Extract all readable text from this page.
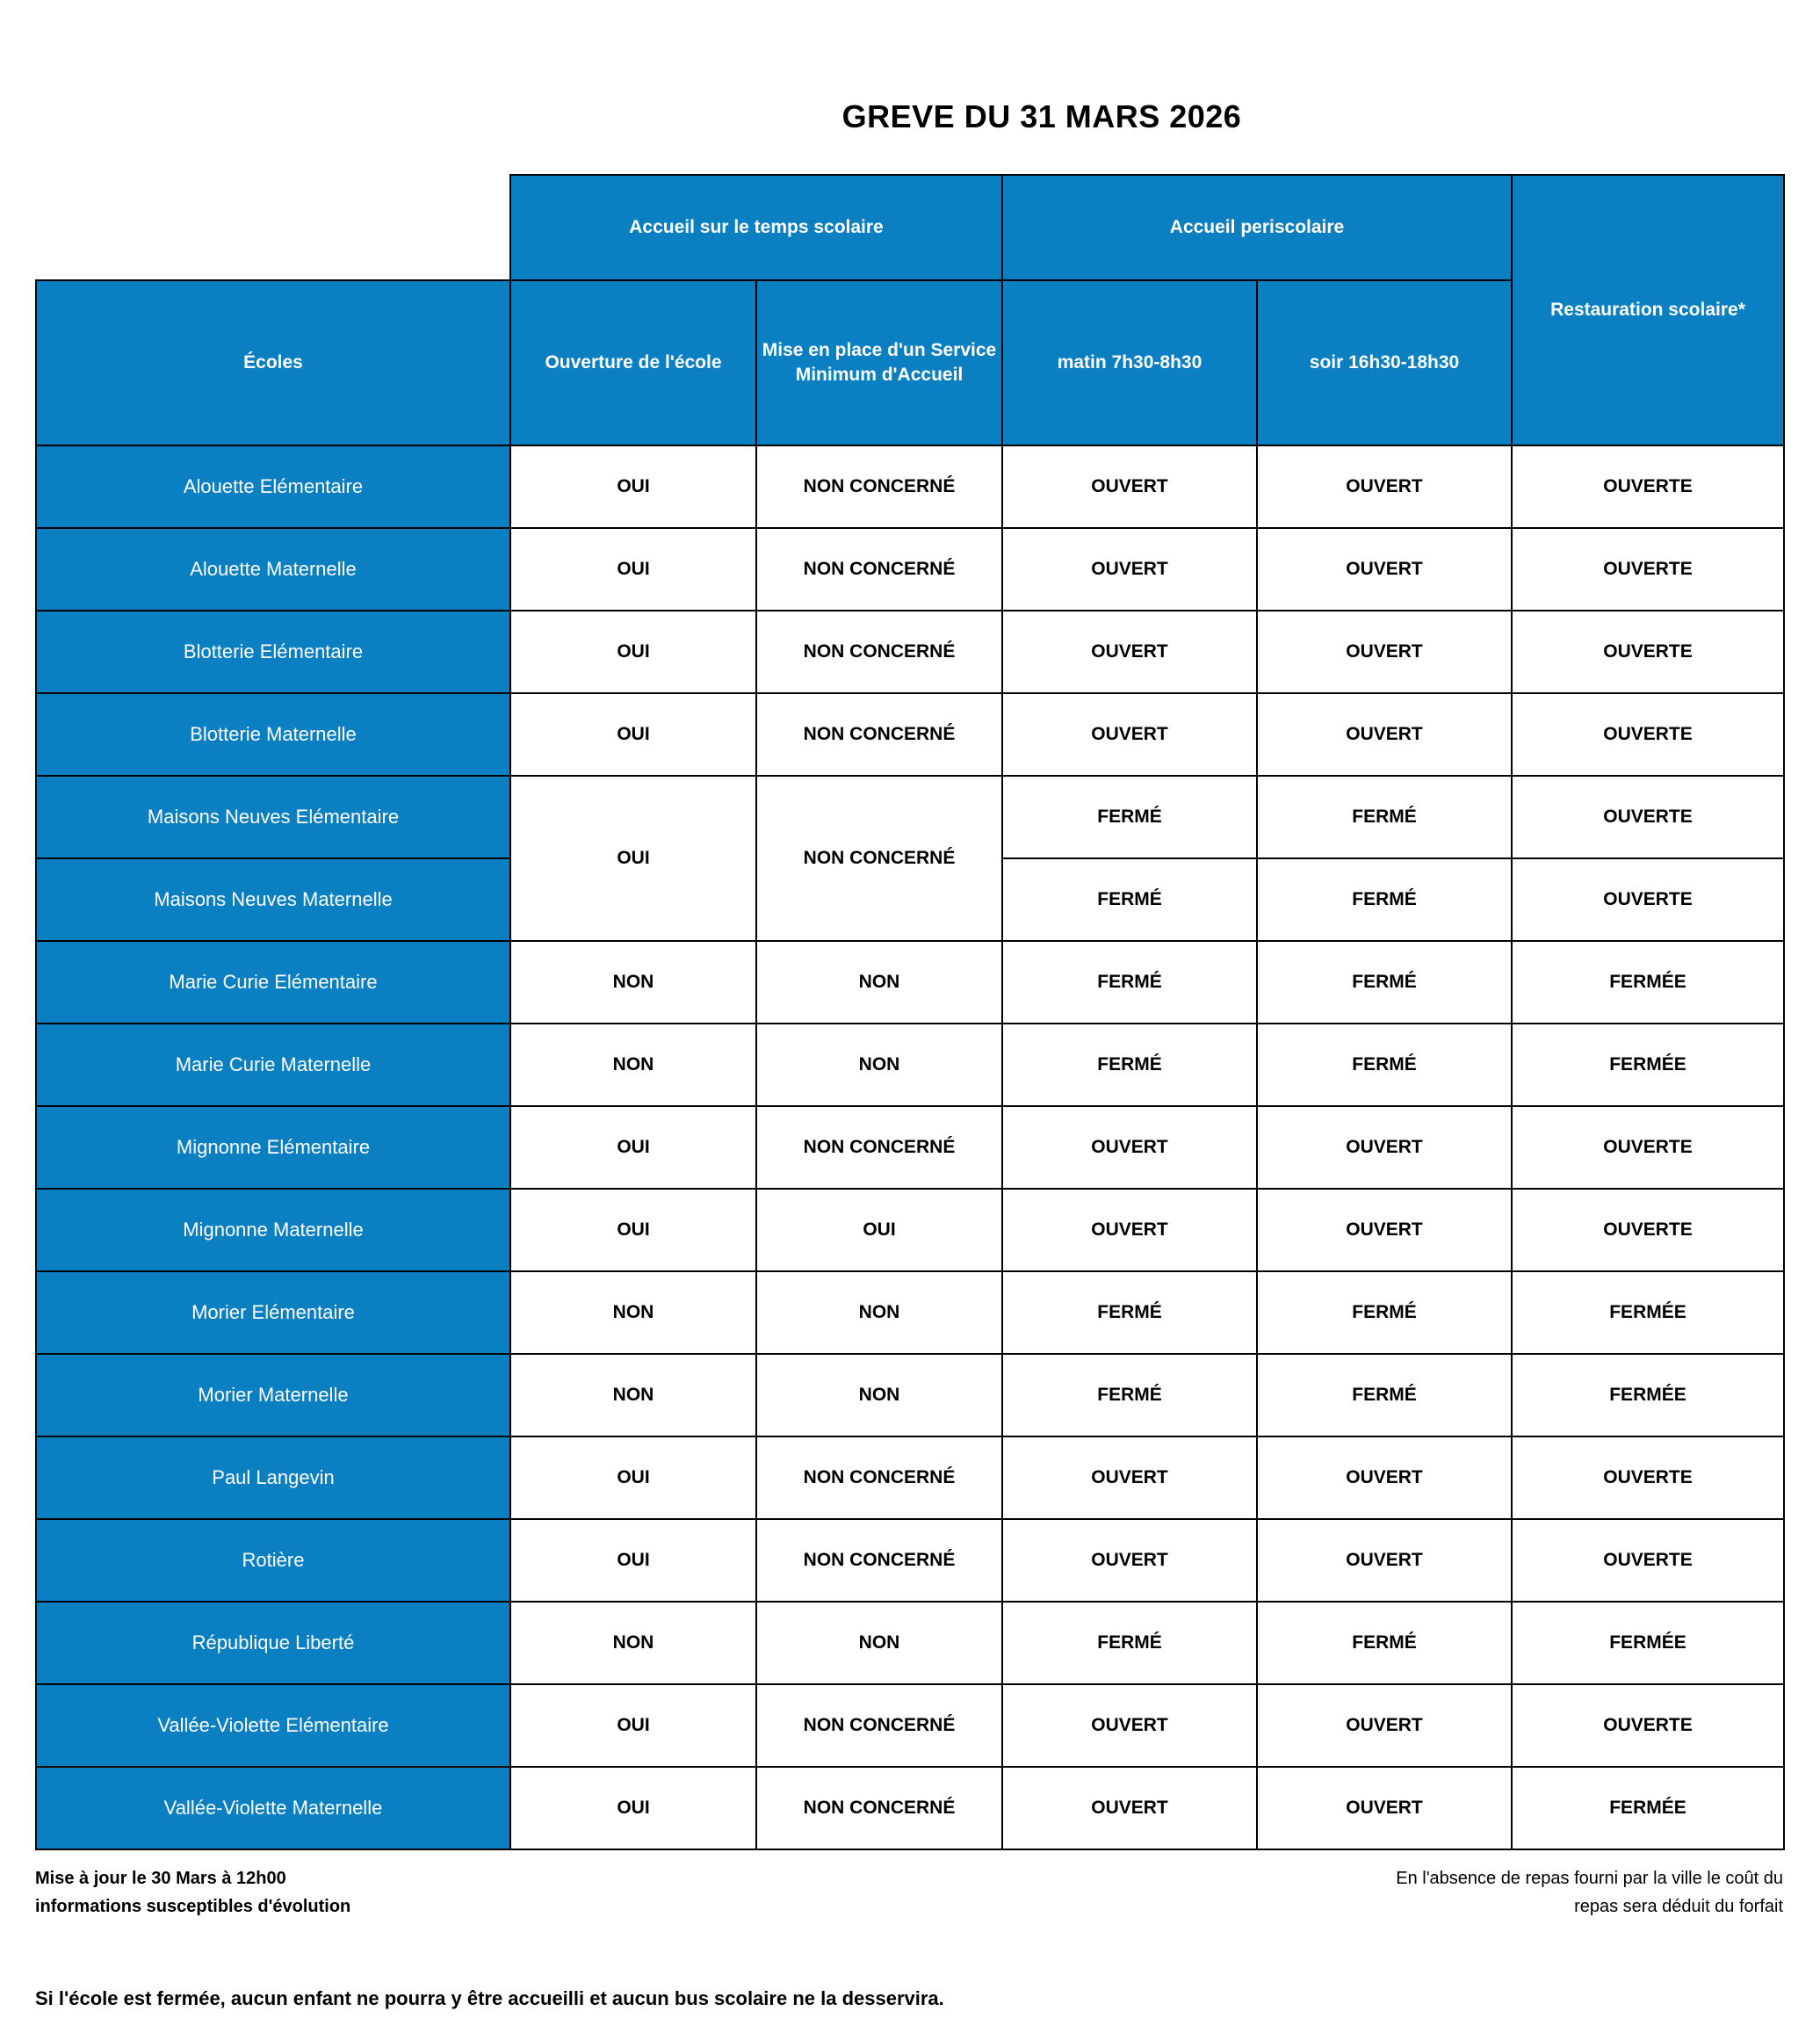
GREVE DU 31 MARS 2026
	Accueil sur le temps scolaire		Accueil periscolaire		Restauration scolaire*
Écoles	Ouverture de l'école	Mise en place d'un Service Minimum d'Accueil	matin 7h30-8h30	soir 16h30-18h30	
Alouette Elémentaire	OUI	NON CONCERNÉ	OUVERT	OUVERT	OUVERTE
Alouette Maternelle	OUI	NON CONCERNÉ	OUVERT	OUVERT	OUVERTE
Blotterie Elémentaire	OUI	NON CONCERNÉ	OUVERT	OUVERT	OUVERTE
Blotterie Maternelle	OUI	NON CONCERNÉ	OUVERT	OUVERT	OUVERTE
Maisons Neuves Elémentaire	OUI	NON CONCERNÉ	FERMÉ	FERMÉ	OUVERTE
Maisons Neuves Maternelle			FERMÉ	FERMÉ	OUVERTE
Marie Curie Elémentaire	NON	NON	FERMÉ	FERMÉ	FERMÉE
Marie Curie Maternelle	NON	NON	FERMÉ	FERMÉ	FERMÉE
Mignonne Elémentaire	OUI	NON CONCERNÉ	OUVERT	OUVERT	OUVERTE
Mignonne Maternelle	OUI	OUI	OUVERT	OUVERT	OUVERTE
Morier Elémentaire	NON	NON	FERMÉ	FERMÉ	FERMÉE
Morier Maternelle	NON	NON	FERMÉ	FERMÉ	FERMÉE
Paul Langevin	OUI	NON CONCERNÉ	OUVERT	OUVERT	OUVERTE
Rotière	OUI	NON CONCERNÉ	OUVERT	OUVERT	OUVERTE
République Liberté	NON	NON	FERMÉ	FERMÉ	FERMÉE
Vallée-Violette Elémentaire	OUI	NON CONCERNÉ	OUVERT	OUVERT	OUVERTE
Vallée-Violette Maternelle	OUI	NON CONCERNÉ	OUVERT	OUVERT	FERMÉE
Mise à jour le 30 Mars à 12h00
informations susceptibles d'évolution
En l'absence de repas fourni par la ville le coût du
repas sera déduit du forfait
Si l'école est fermée, aucun enfant ne pourra y être accueilli et aucun bus scolaire ne la desservira.
